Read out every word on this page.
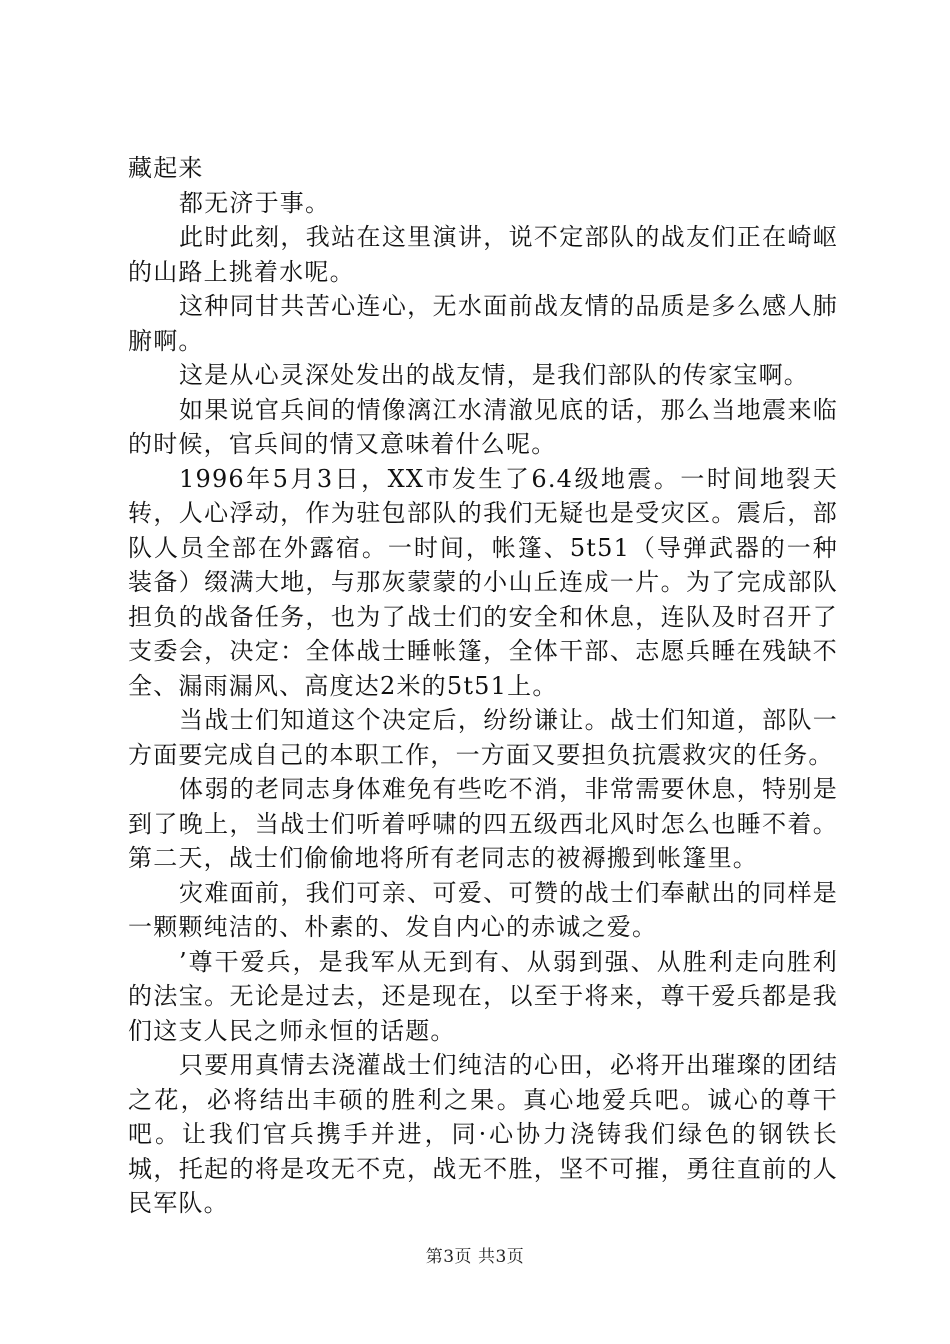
藏起来

都无济于事。

此时此刻，我站在这里演讲，说不定部队的战友们正在崎岖的山路上挑着水呢。

这种同甘共苦心连心，无水面前战友情的品质是多么感人肺腑啊。

这是从心灵深处发出的战友情，是我们部队的传家宝啊。

如果说官兵间的情像漓江水清澈见底的话，那么当地震来临的时候，官兵间的情又意味着什么呢。

1996年5月3日，XX市发生了6.4级地震。一时间地裂天转，人心浮动，作为驻包部队的我们无疑也是受灾区。震后，部队人员全部在外露宿。一时间，帐篷、5t51（导弹武器的一种装备）缀满大地，与那灰蒙蒙的小山丘连成一片。为了完成部队担负的战备任务，也为了战士们的安全和休息，连队及时召开了支委会，决定：全体战士睡帐篷，全体干部、志愿兵睡在残缺不全、漏雨漏风、高度达2米的5t51上。

当战士们知道这个决定后，纷纷谦让。战士们知道，部队一方面要完成自己的本职工作，一方面又要担负抗震救灾的任务。

体弱的老同志身体难免有些吃不消，非常需要休息，特别是到了晚上，当战士们听着呼啸的四五级西北风时怎么也睡不着。第二天，战士们偷偷地将所有老同志的被褥搬到帐篷里。

灾难面前，我们可亲、可爱、可赞的战士们奉献出的同样是一颗颗纯洁的、朴素的、发自内心的赤诚之爱。

’尊干爱兵，是我军从无到有、从弱到强、从胜利走向胜利的法宝。无论是过去，还是现在，以至于将来，尊干爱兵都是我们这支人民之师永恒的话题。

只要用真情去浇灌战士们纯洁的心田，必将开出璀璨的团结之花，必将结出丰硕的胜利之果。真心地爱兵吧。诚心的尊干吧。让我们官兵携手并进，同·心协力浇铸我们绿色的钢铁长城，托起的将是攻无不克，战无不胜，坚不可摧，勇往直前的人民军队。

第3页 共3页
